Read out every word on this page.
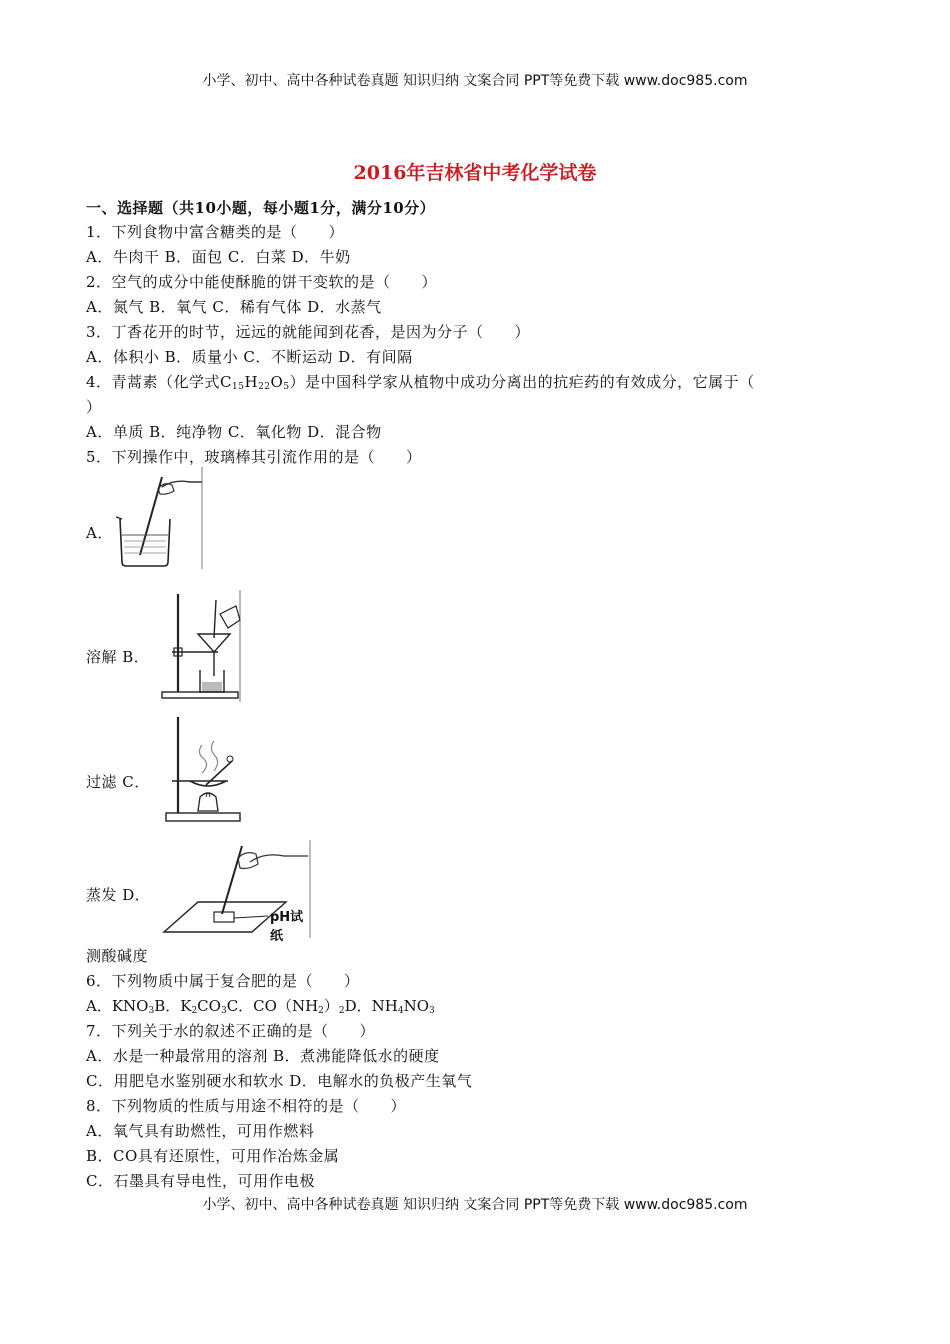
小学、初中、高中各种试卷真题 知识归纳 文案合同 PPT等免费下载 www.doc985.com
2016年吉林省中考化学试卷
一、选择题（共10小题，每小题1分，满分10分）
1．下列食物中富含糖类的是（　　）
A．牛肉干 B．面包 C．白菜 D．牛奶
2．空气的成分中能使酥脆的饼干变软的是（　　）
A．氮气 B．氧气 C．稀有气体 D．水蒸气
3．丁香花开的时节，远远的就能闻到花香，是因为分子（　　）
A．体积小 B．质量小 C．不断运动 D．有间隔
4．青蒿素（化学式$C_{15}H_{22}O_5$）是中国科学家从植物中成功分离出的抗疟药的有效成分，它属于（
）
A．单质 B．纯净物 C．氧化物 D．混合物
5．下列操作中，玻璃棒其引流作用的是（　　）
A．
溶解 B．
过滤 C．
蒸发 D．
pH试纸
测酸碱度
6．下列物质中属于复合肥的是（　　）
A．$KNO_3B$．$K_2CO_3C$．$CO(NH_2)_2D$．$NH_4NO_3$
7．下列关于水的叙述不正确的是（　　）
A．水是一种最常用的溶剂 B．煮沸能降低水的硬度
C．用肥皂水鉴别硬水和软水 D．电解水的负极产生氧气
8．下列物质的性质与用途不相符的是（　　）
A．氧气具有助燃性，可用作燃料
B．CO具有还原性，可用作冶炼金属
C．石墨具有导电性，可用作电极
小学、初中、高中各种试卷真题 知识归纳 文案合同 PPT等免费下载 www.doc985.com
